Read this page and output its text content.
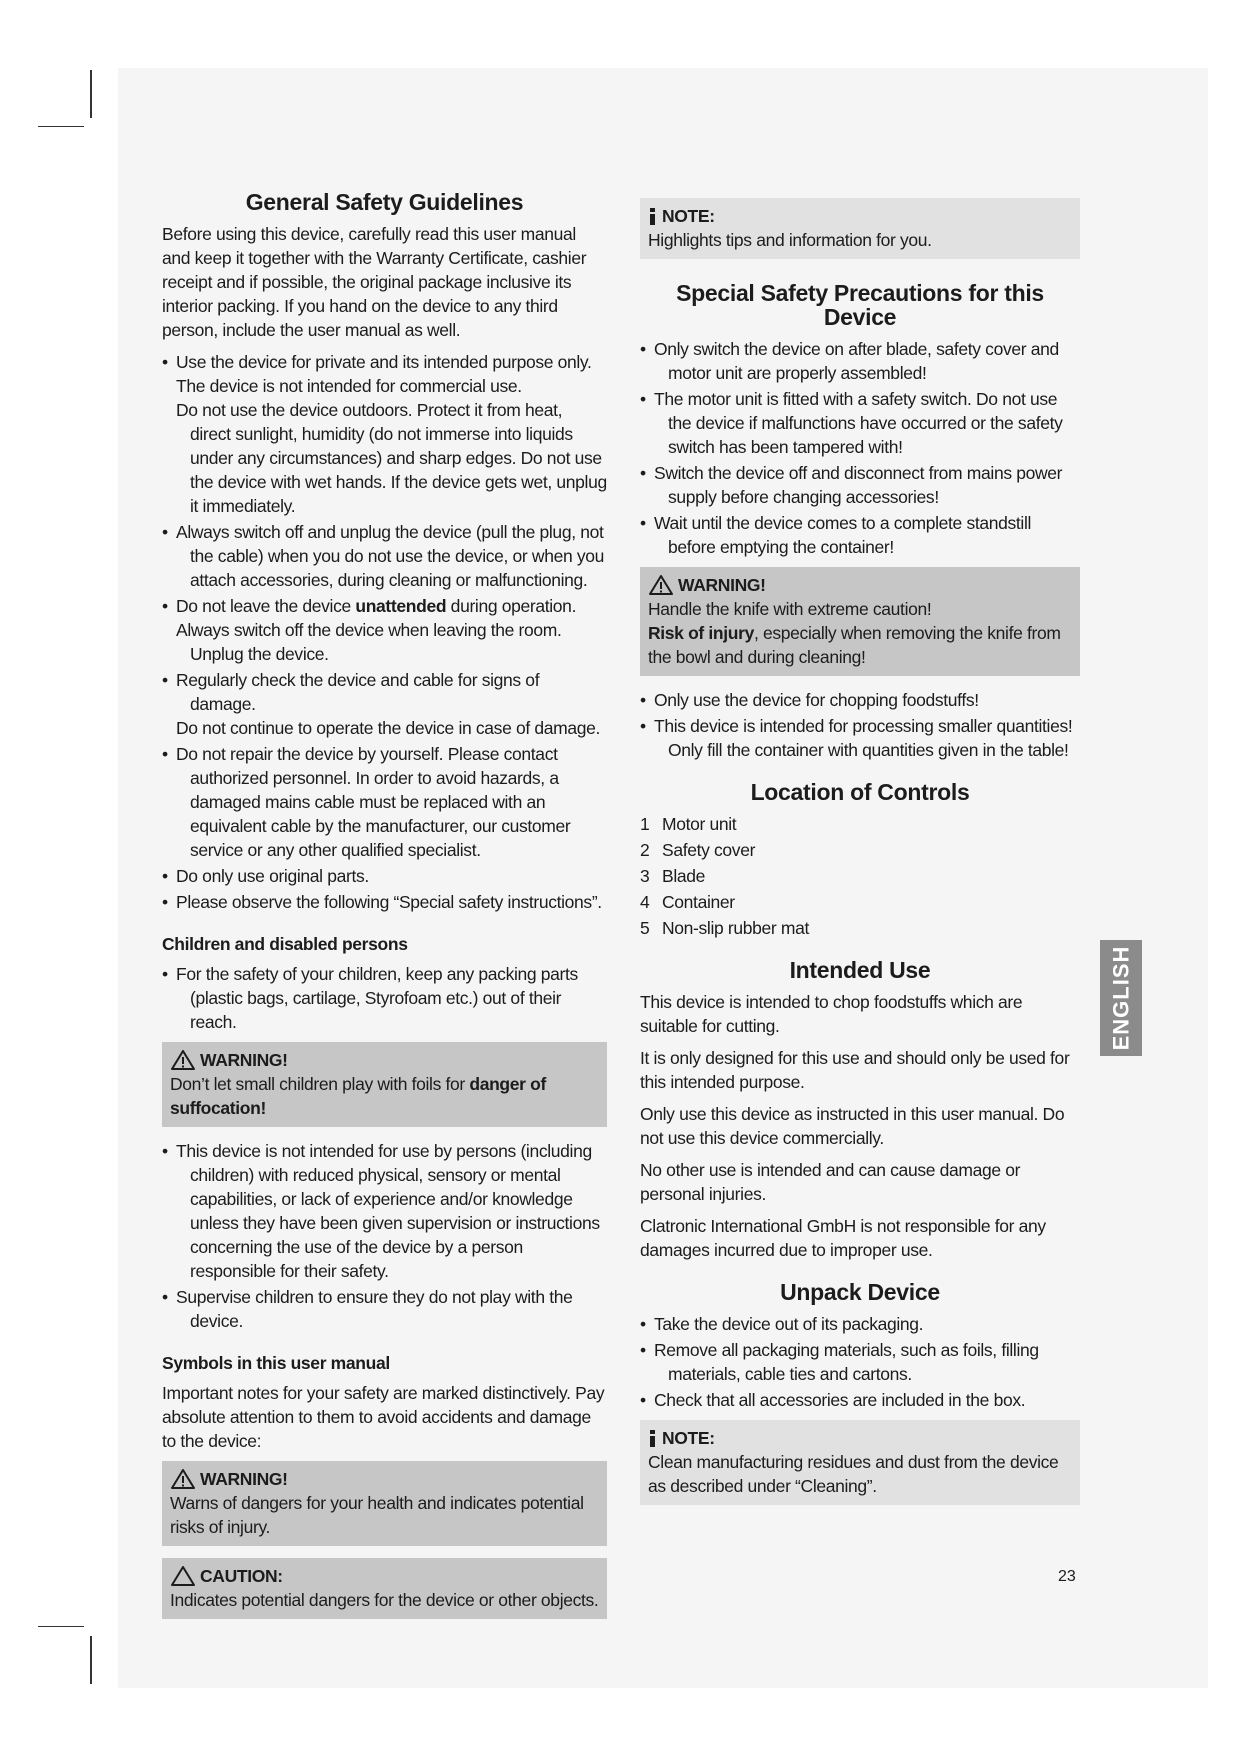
General Safety Guidelines

Before using this device, carefully read this user manual and keep it together with the Warranty Certificate, cashier receipt and if possible, the original package inclusive its interior packing. If you hand on the device to any third person, include the user manual as well.

• Use the device for private and its intended purpose only.
The device is not intended for commercial use.
Do not use the device outdoors. Protect it from heat, direct sunlight, humidity (do not immerse into liquids under any circumstances) and sharp edges. Do not use the device with wet hands. If the device gets wet, unplug it immediately.
• Always switch off and unplug the device (pull the plug, not the cable) when you do not use the device, or when you attach accessories, during cleaning or malfunctioning.
• Do not leave the device unattended during operation.
Always switch off the device when leaving the room. Unplug the device.
• Regularly check the device and cable for signs of damage.
Do not continue to operate the device in case of damage.
• Do not repair the device by yourself. Please contact authorized personnel. In order to avoid hazards, a damaged mains cable must be replaced with an equivalent cable by the manufacturer, our customer service or any other qualified specialist.
• Do only use original parts.
• Please observe the following “Special safety instructions”.
Children and disabled persons
• For the safety of your children, keep any packing parts (plastic bags, cartilage, Styrofoam etc.) out of their reach.
WARNING!
Don’t let small children play with foils for danger of suffocation!
• This device is not intended for use by persons (including children) with reduced physical, sensory or mental capabilities, or lack of experience and/or knowledge unless they have been given supervision or instructions concerning the use of the device by a person responsible for their safety.
• Supervise children to ensure they do not play with the device.
Symbols in this user manual

Important notes for your safety are marked distinctively. Pay absolute attention to them to avoid accidents and damage to the device:

WARNING!
Warns of dangers for your health and indicates potential risks of injury.
CAUTION:
Indicates potential dangers for the device or other objects.
NOTE:
Highlights tips and information for you.
Special Safety Precautions for this Device
• Only switch the device on after blade, safety cover and motor unit are properly assembled!
• The motor unit is fitted with a safety switch. Do not use the device if malfunctions have occurred or the safety switch has been tampered with!
• Switch the device off and disconnect from mains power supply before changing accessories!
• Wait until the device comes to a complete standstill before emptying the container!
WARNING!
Handle the knife with extreme caution!
Risk of injury, especially when removing the knife from the bowl and during cleaning!
• Only use the device for chopping foodstuffs!
• This device is intended for processing smaller quantities! Only fill the container with quantities given in the table!
Location of Controls
1 Motor unit
2 Safety cover
3 Blade
4 Container
5 Non-slip rubber mat
Intended Use

This device is intended to chop foodstuffs which are suitable for cutting.

It is only designed for this use and should only be used for this intended purpose.

Only use this device as instructed in this user manual. Do not use this device commercially.

No other use is intended and can cause damage or personal injuries.

Clatronic International GmbH is not responsible for any damages incurred due to improper use.

Unpack Device
• Take the device out of its packaging.
• Remove all packaging materials, such as foils, filling materials, cable ties and cartons.
• Check that all accessories are included in the box.
NOTE:
Clean manufacturing residues and dust from the device as described under “Cleaning”.
ENGLISH
23
